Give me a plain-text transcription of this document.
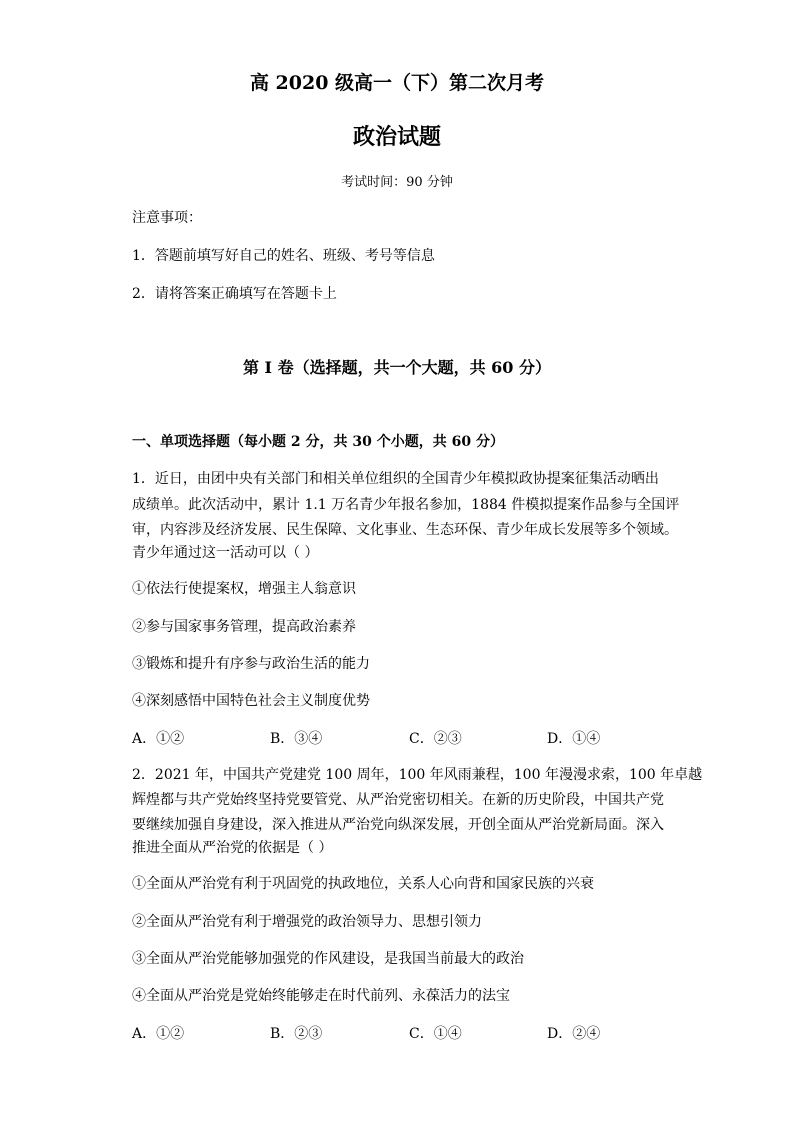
高 2020 级高一（下）第二次月考
政治试题
考试时间：90 分钟
注意事项：
1．答题前填写好自己的姓名、班级、考号等信息
2．请将答案正确填写在答题卡上
第 I 卷（选择题，共一个大题，共 60 分）
一、单项选择题（每小题 2 分，共 30 个小题，共 60 分）
1．近日，由团中央有关部门和相关单位组织的全国青少年模拟政协提案征集活动晒出
成绩单。此次活动中，累计 1.1 万名青少年报名参加，1884 件模拟提案作品参与全国评
审，内容涉及经济发展、民生保障、文化事业、生态环保、青少年成长发展等多个领域。
青少年通过这一活动可以（ ）
①依法行使提案权，增强主人翁意识
②参与国家事务管理，提高政治素养
③锻炼和提升有序参与政治生活的能力
④深刻感悟中国特色社会主义制度优势
A．①②	B．③④	C．②③	D．①④
2．2021 年，中国共产党建党 100 周年，100 年风雨兼程，100 年漫漫求索，100 年卓越
辉煌都与共产党始终坚持党要管党、从严治党密切相关。在新的历史阶段，中国共产党
要继续加强自身建设，深入推进从严治党向纵深发展，开创全面从严治党新局面。深入
推进全面从严治党的依据是（ ）
①全面从严治党有利于巩固党的执政地位，关系人心向背和国家民族的兴衰
②全面从严治党有利于增强党的政治领导力、思想引领力
③全面从严治党能够加强党的作风建设，是我国当前最大的政治
④全面从严治党是党始终能够走在时代前列、永葆活力的法宝
A．①②	B．②③	C．①④	D．②④
